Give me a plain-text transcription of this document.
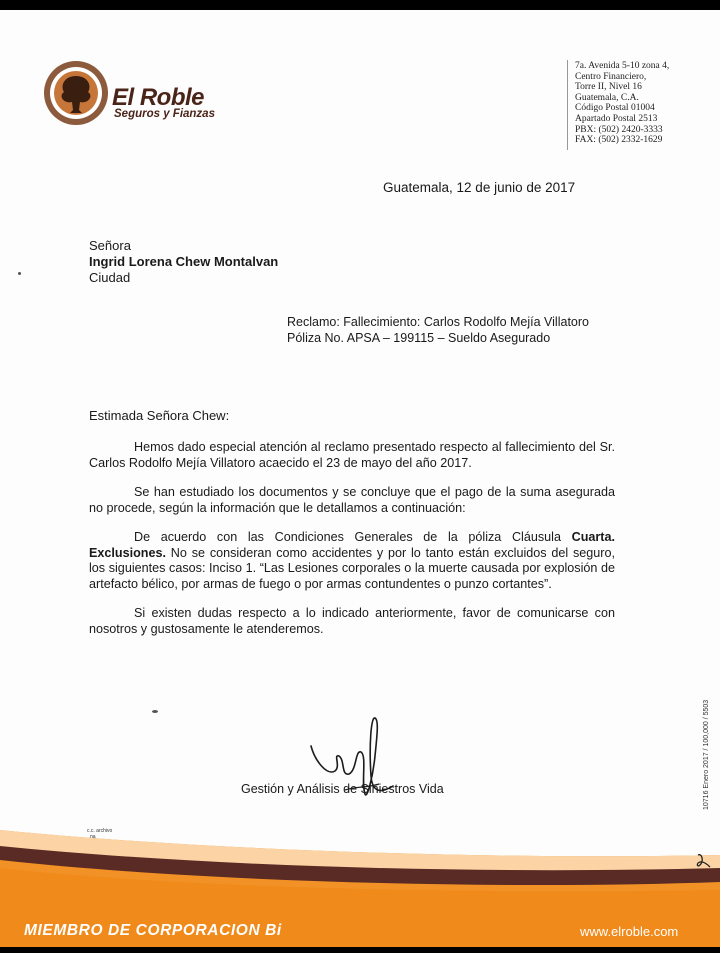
El Roble
Seguros y Fianzas
7a. Avenida 5-10 zona 4,
Centro Financiero,
Torre II, Nivel 16
Guatemala, C.A.
Código Postal 01004
Apartado Postal 2513
PBX: (502) 2420-3333
FAX: (502) 2332-1629
Guatemala, 12 de junio de 2017
Señora
Ingrid Lorena Chew Montalvan
Ciudad
Reclamo: Fallecimiento: Carlos Rodolfo Mejía Villatoro
Póliza No. APSA – 199115 – Sueldo Asegurado
Estimada Señora Chew:

Hemos dado especial atención al reclamo presentado respecto al fallecimiento del Sr. Carlos Rodolfo Mejía Villatoro acaecido el 23 de mayo del año 2017.

Se han estudiado los documentos y se concluye que el pago de la suma asegurada no procede, según la información que le detallamos a continuación:

De acuerdo con las Condiciones Generales de la póliza Cláusula Cuarta. Exclusiones. No se consideran como accidentes y por lo tanto están excluidos del seguro, los siguientes casos: Inciso 1. “Las Lesiones corporales o la muerte causada por explosión de artefacto bélico, por armas de fuego o por armas contundentes o punzo cortantes”.

Si existen dudas respecto a lo indicado anteriormente, favor de comunicarse con nosotros y gustosamente le atenderemos.

Gestión y Análisis de Siniestros Vida
c.c. archivo
na
10716 Enero 2017 / 100,000 / 5503
MIEMBRO DE CORPORACION Bi	www.elroble.com
